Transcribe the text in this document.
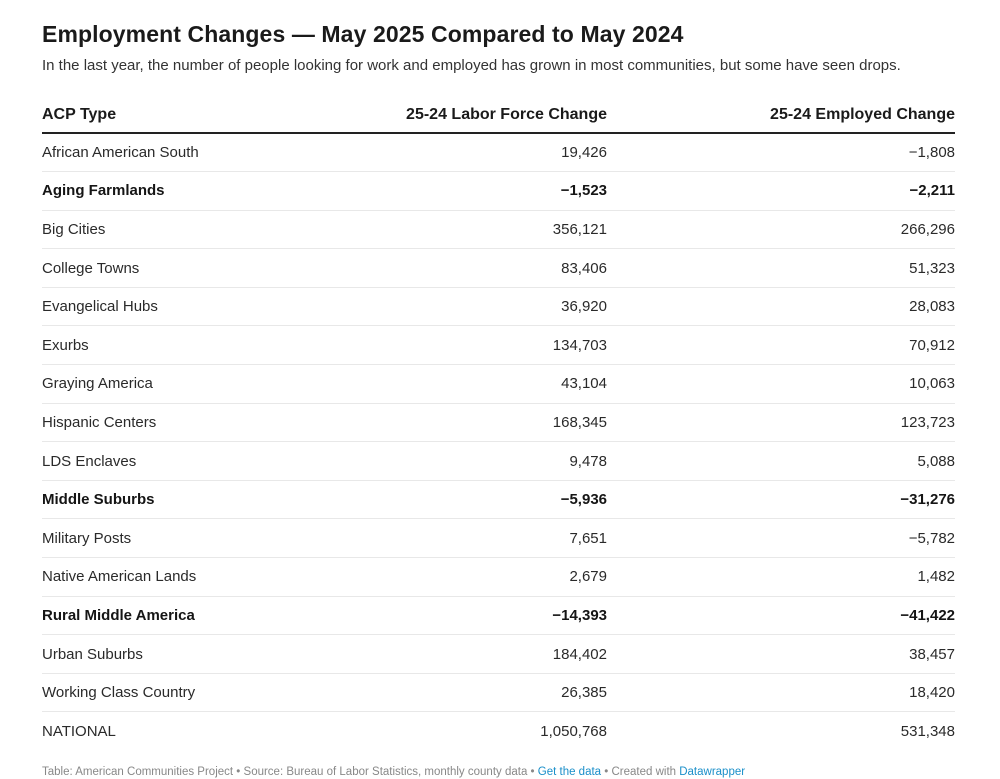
Employment Changes — May 2025 Compared to May 2024

In the last year, the number of people looking for work and employed has grown in most communities, but some have seen drops.

ACP Type	25-24 Labor Force Change	25-24 Employed Change
African American South	19,426	−1,808
Aging Farmlands	−1,523	−2,211
Big Cities	356,121	266,296
College Towns	83,406	51,323
Evangelical Hubs	36,920	28,083
Exurbs	134,703	70,912
Graying America	43,104	10,063
Hispanic Centers	168,345	123,723
LDS Enclaves	9,478	5,088
Middle Suburbs	−5,936	−31,276
Military Posts	7,651	−5,782
Native American Lands	2,679	1,482
Rural Middle America	−14,393	−41,422
Urban Suburbs	184,402	38,457
Working Class Country	26,385	18,420
NATIONAL	1,050,768	531,348
Table: American Communities Project • Source: Bureau of Labor Statistics, monthly county data • Get the data • Created with Datawrapper
